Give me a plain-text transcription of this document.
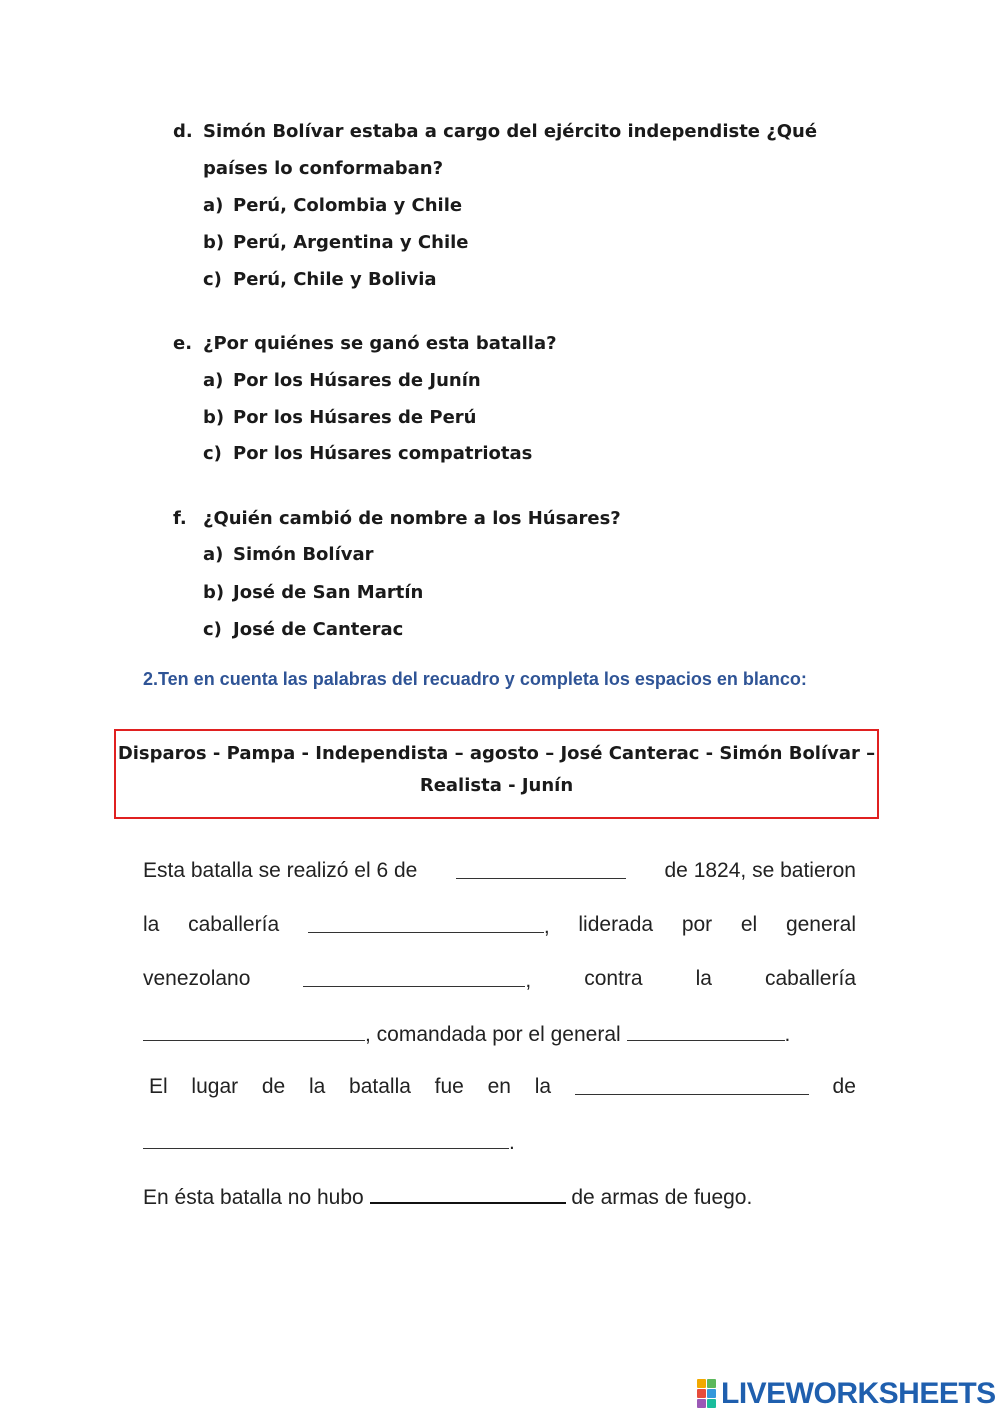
d. Simón Bolívar estaba a cargo del ejército independiste ¿Qué
países lo conformaban?
a) Perú, Colombia y Chile
b) Perú, Argentina y Chile
c) Perú, Chile y Bolivia
e. ¿Por quiénes se ganó esta batalla?
a) Por los Húsares de Junín
b) Por los Húsares de Perú
c) Por los Húsares compatriotas
f. ¿Quién cambió de nombre a los Húsares?
a) Simón Bolívar
b) José de San Martín
c) José de Canterac
2.Ten en cuenta las palabras del recuadro y completa los espacios en blanco:
Disparos - Pampa - Independista – agosto – José Canterac - Simón Bolívar –
Realista - Junín
Esta batalla se realizó el 6 de	de 1824, se batieron
la caballería	, liderada por el general
venezolano	,	contra	la	caballería
, comandada por el general	.
El lugar de la batalla fue en la	de
.
En ésta batalla no hubo	de armas de fuego.
LIVEWORKSHEETS
